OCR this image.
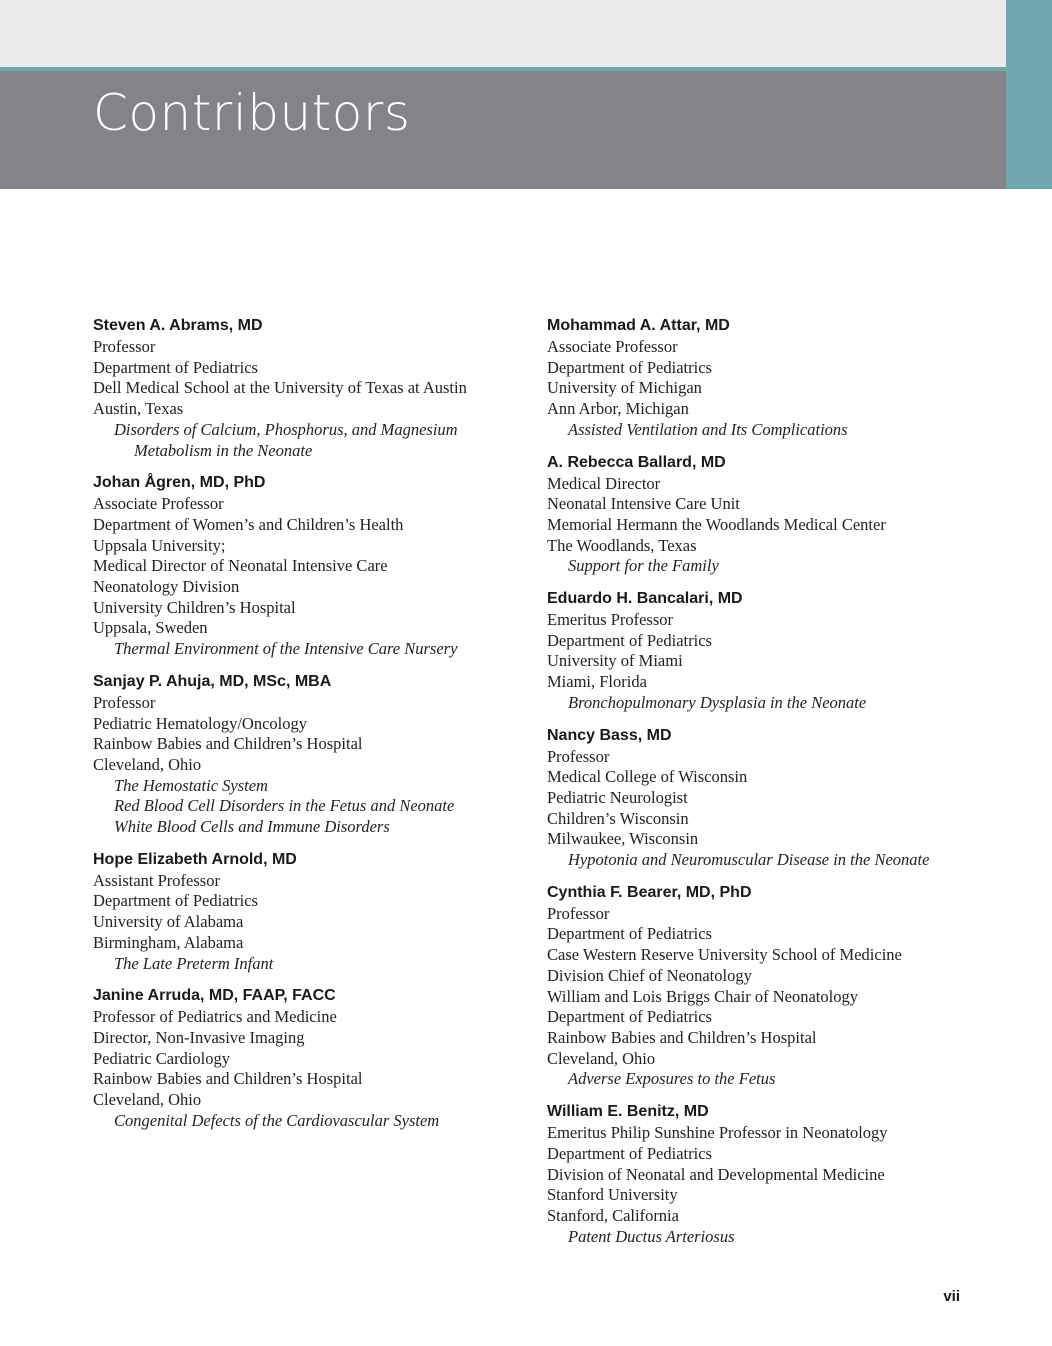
Contributors
Steven A. Abrams, MD
Professor
Department of Pediatrics
Dell Medical School at the University of Texas at Austin
Austin, Texas
Disorders of Calcium, Phosphorus, and Magnesium Metabolism in the Neonate
Johan Ågren, MD, PhD
Associate Professor
Department of Women’s and Children’s Health
Uppsala University;
Medical Director of Neonatal Intensive Care
Neonatology Division
University Children’s Hospital
Uppsala, Sweden
Thermal Environment of the Intensive Care Nursery
Sanjay P. Ahuja, MD, MSc, MBA
Professor
Pediatric Hematology/Oncology
Rainbow Babies and Children’s Hospital
Cleveland, Ohio
The Hemostatic System
Red Blood Cell Disorders in the Fetus and Neonate
White Blood Cells and Immune Disorders
Hope Elizabeth Arnold, MD
Assistant Professor
Department of Pediatrics
University of Alabama
Birmingham, Alabama
The Late Preterm Infant
Janine Arruda, MD, FAAP, FACC
Professor of Pediatrics and Medicine
Director, Non-Invasive Imaging
Pediatric Cardiology
Rainbow Babies and Children’s Hospital
Cleveland, Ohio
Congenital Defects of the Cardiovascular System
Mohammad A. Attar, MD
Associate Professor
Department of Pediatrics
University of Michigan
Ann Arbor, Michigan
Assisted Ventilation and Its Complications
A. Rebecca Ballard, MD
Medical Director
Neonatal Intensive Care Unit
Memorial Hermann the Woodlands Medical Center
The Woodlands, Texas
Support for the Family
Eduardo H. Bancalari, MD
Emeritus Professor
Department of Pediatrics
University of Miami
Miami, Florida
Bronchopulmonary Dysplasia in the Neonate
Nancy Bass, MD
Professor
Medical College of Wisconsin
Pediatric Neurologist
Children’s Wisconsin
Milwaukee, Wisconsin
Hypotonia and Neuromuscular Disease in the Neonate
Cynthia F. Bearer, MD, PhD
Professor
Department of Pediatrics
Case Western Reserve University School of Medicine
Division Chief of Neonatology
William and Lois Briggs Chair of Neonatology
Department of Pediatrics
Rainbow Babies and Children’s Hospital
Cleveland, Ohio
Adverse Exposures to the Fetus
William E. Benitz, MD
Emeritus Philip Sunshine Professor in Neonatology
Department of Pediatrics
Division of Neonatal and Developmental Medicine
Stanford University
Stanford, California
Patent Ductus Arteriosus
vii
